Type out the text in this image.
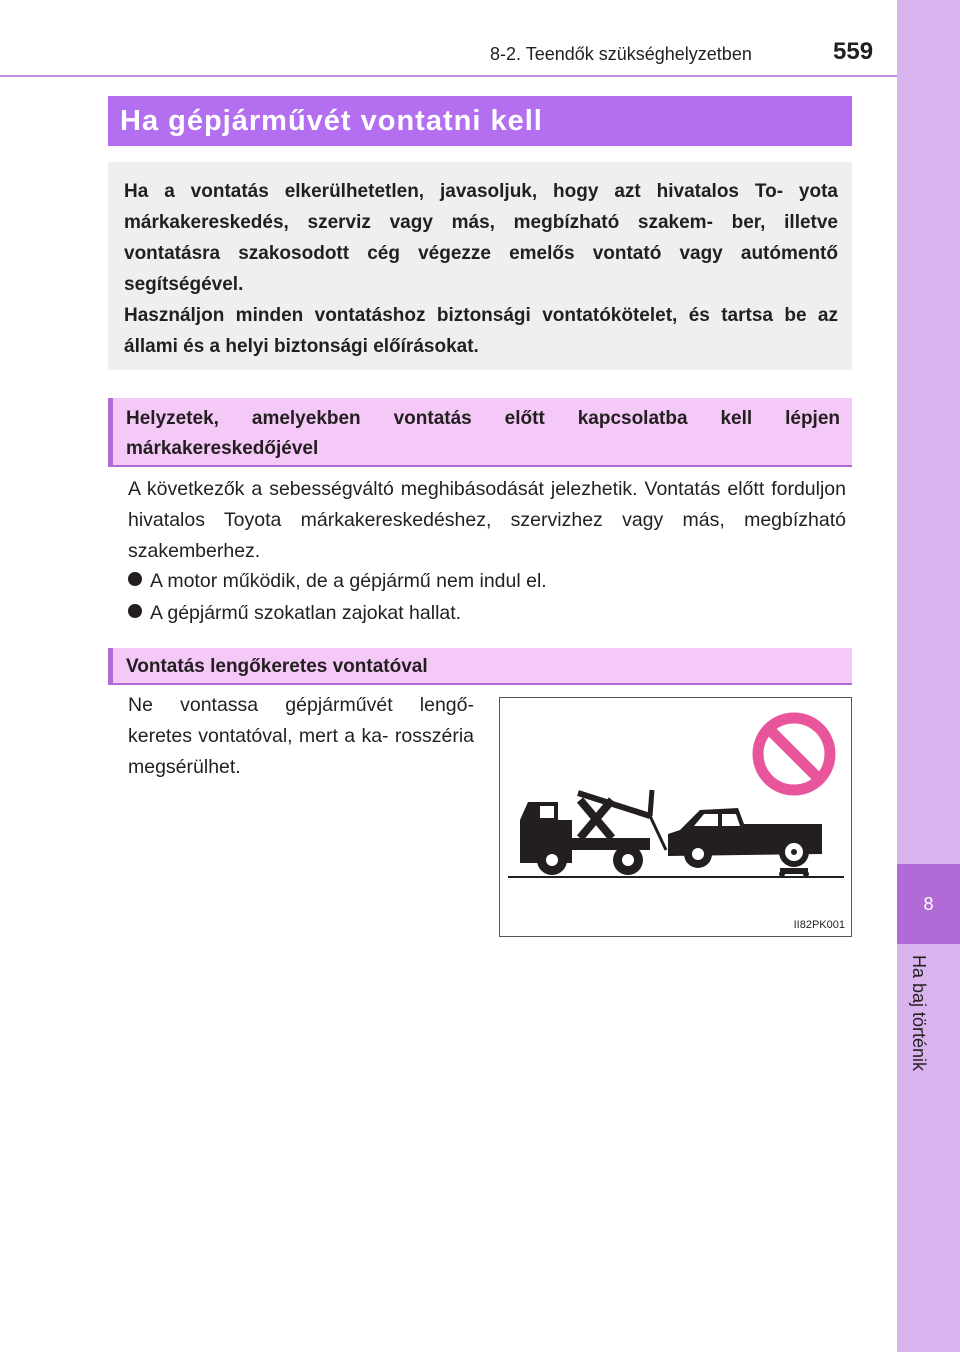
8
Ha baj történik
8-2. Teendők szükséghelyzetben	559
Ha gépjárművét vontatni kell

Ha a vontatás elkerülhetetlen, javasoljuk, hogy azt hivatalos To- yota márkakereskedés, szerviz vagy más, megbízható szakem- ber, illetve vontatásra szakosodott cég végezze emelős vontató vagy autómentő segítségével.

Használjon minden vontatáshoz biztonsági vontatókötelet, és tartsa be az állami és a helyi biztonsági előírásokat.

Helyzetek, amelyekben vontatás előtt kapcsolatba kell lépjen márkakereskedőjével
A következők a sebességváltó meghibásodását jelezhetik. Vontatás előtt forduljon hivatalos Toyota márkakereskedéshez, szervizhez vagy más, megbízható szakemberhez.
A motor működik, de a gépjármű nem indul el.
A gépjármű szokatlan zajokat hallat.
Vontatás lengőkeretes vontatóval
Ne vontassa gépjárművét lengő- keretes vontatóval, mert a ka- rosszéria megsérülhet.
II82PK001
